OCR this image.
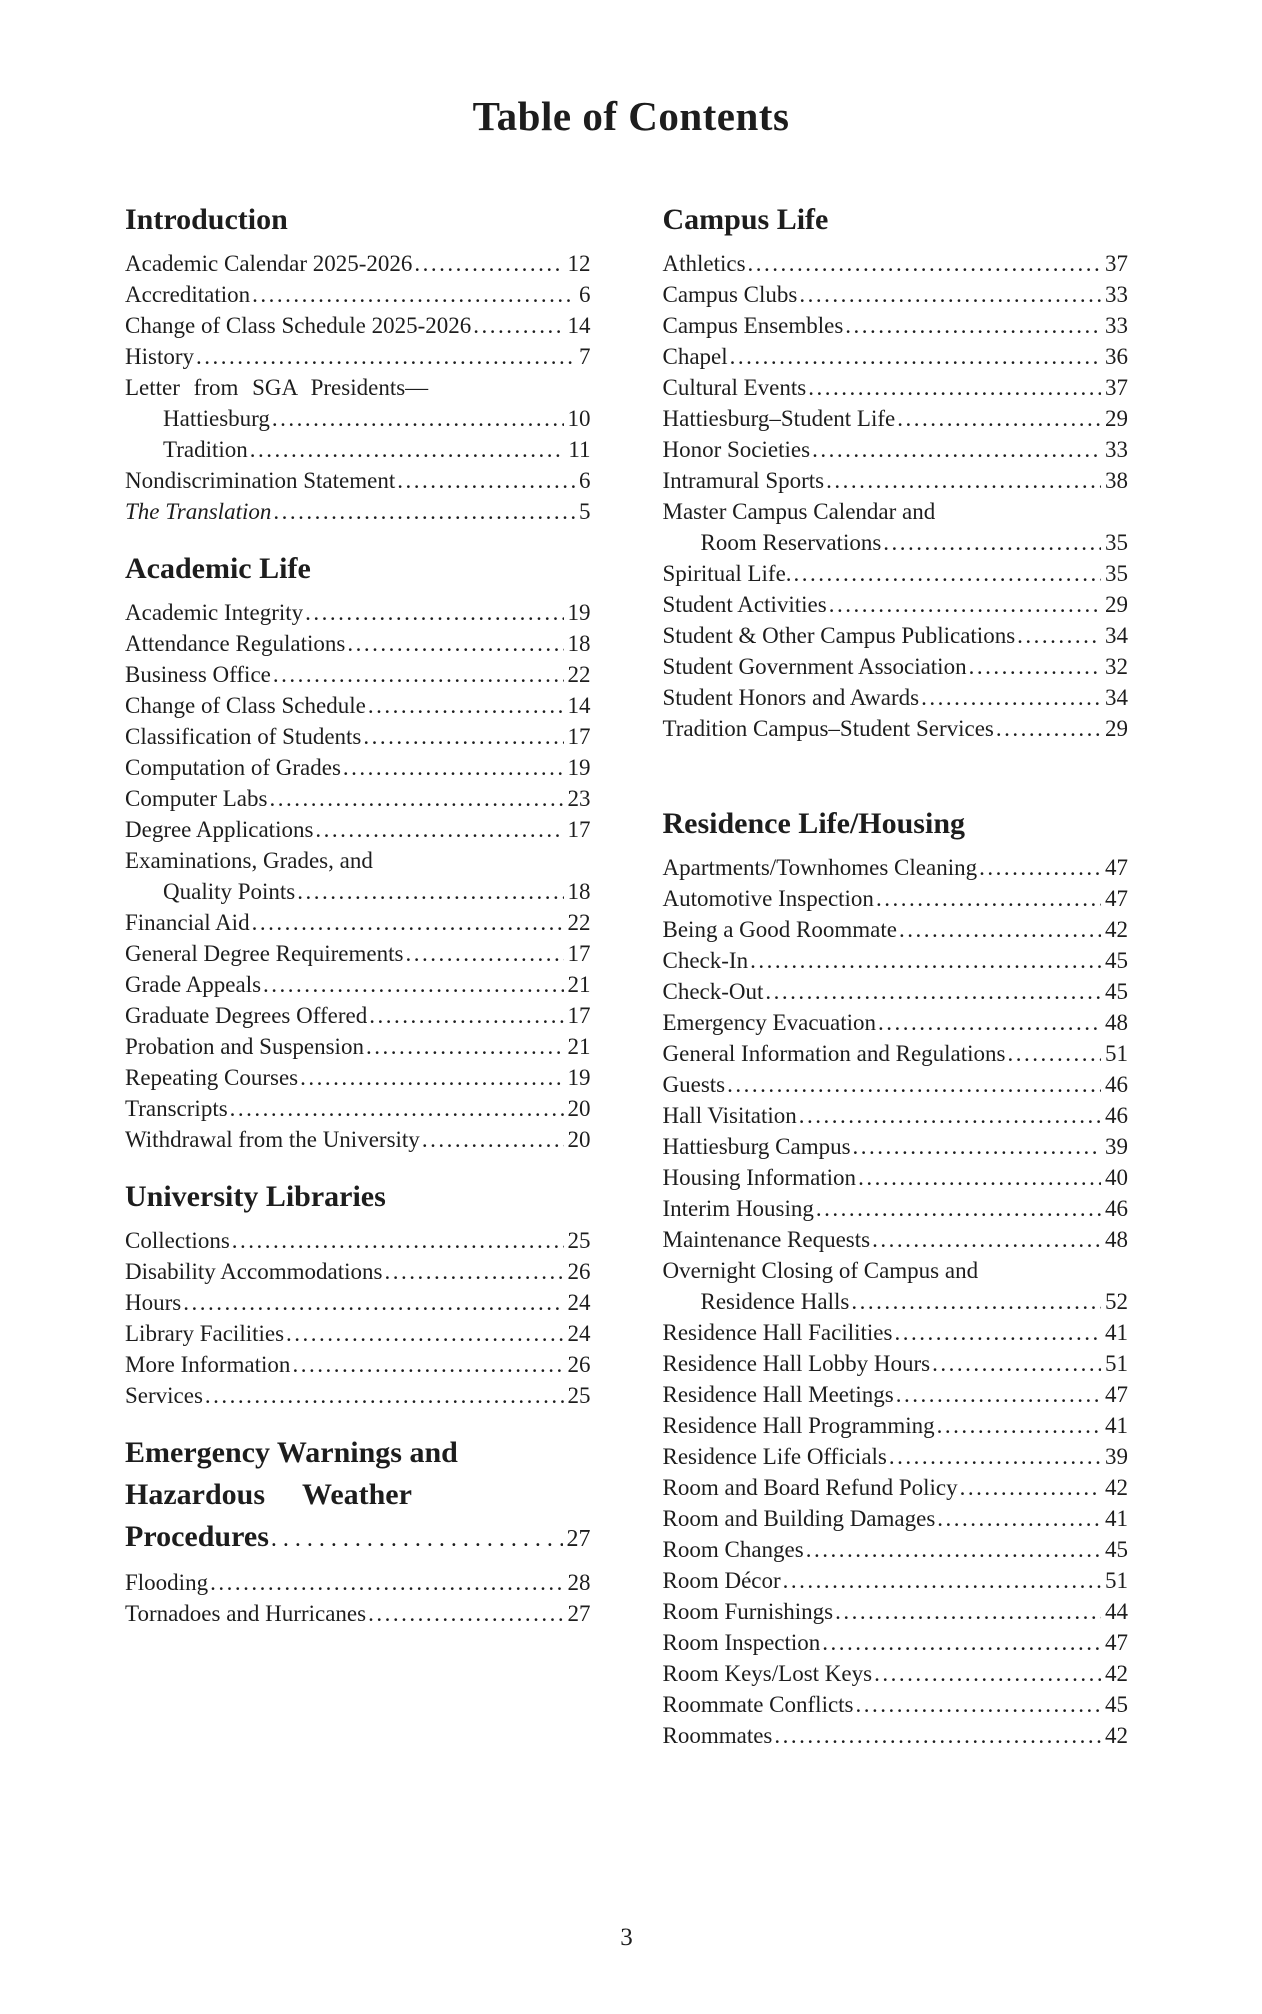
Table of Contents
Introduction
Academic Calendar 2025-2026 .....	12
Accreditation .....	6
Change of Class Schedule 2025-2026 .....	14
History .....	7
Letter from SGA Presidents—
Hattiesburg .....	10
Tradition .....	11
Nondiscrimination Statement .....	6
The Translation .....	5
Academic Life
Academic Integrity .....	19
Attendance Regulations .....	18
Business Office .....	22
Change of Class Schedule .....	14
Classification of Students .....	17
Computation of Grades .....	19
Computer Labs .....	23
Degree Applications .....	17
Examinations, Grades, and
Quality Points .....	18
Financial Aid .....	22
General Degree Requirements .....	17
Grade Appeals .....	21
Graduate Degrees Offered .....	17
Probation and Suspension .....	21
Repeating Courses .....	19
Transcripts .....	20
Withdrawal from the University .....	20
University Libraries
Collections .....	25
Disability Accommodations .....	26
Hours .....	24
Library Facilities .....	24
More Information .....	26
Services .....	25
Emergency Warnings and
Hazardous Weather
Procedures .....	27
Flooding .....	28
Tornadoes and Hurricanes .....	27
Campus Life
Athletics .....	37
Campus Clubs .....	33
Campus Ensembles .....	33
Chapel .....	36
Cultural Events .....	37
Hattiesburg–Student Life .....	29
Honor Societies .....	33
Intramural Sports .....	38
Master Campus Calendar and
Room Reservations .....	35
Spiritual Life. .....	35
Student Activities .....	29
Student & Other Campus Publications .....	34
Student Government Association .....	32
Student Honors and Awards .....	34
Tradition Campus–Student Services .....	29
Residence Life/Housing
Apartments/Townhomes Cleaning .....	47
Automotive Inspection .....	47
Being a Good Roommate .....	42
Check-In .....	45
Check-Out .....	45
Emergency Evacuation .....	48
General Information and Regulations .....	51
Guests .....	46
Hall Visitation .....	46
Hattiesburg Campus .....	39
Housing Information .....	40
Interim Housing .....	46
Maintenance Requests .....	48
Overnight Closing of Campus and
Residence Halls .....	52
Residence Hall Facilities .....	41
Residence Hall Lobby Hours .....	51
Residence Hall Meetings .....	47
Residence Hall Programming .....	41
Residence Life Officials .....	39
Room and Board Refund Policy .....	42
Room and Building Damages .....	41
Room Changes .....	45
Room Décor .....	51
Room Furnishings .....	44
Room Inspection .....	47
Room Keys/Lost Keys .....	42
Roommate Conflicts .....	45
Roommates .....	42
3
